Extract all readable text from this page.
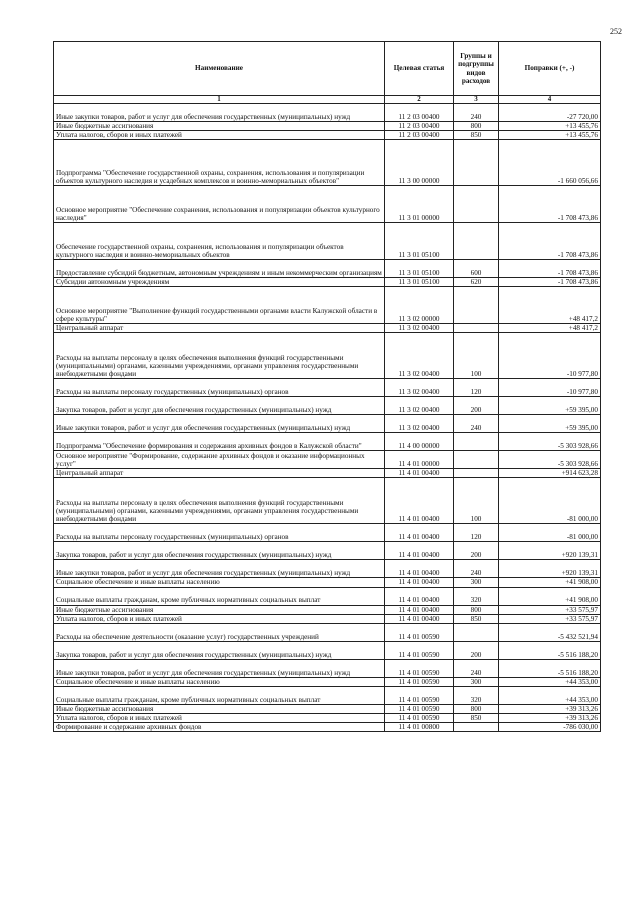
252
Наименование	Целевая статья	Группы и подгруппы видов расходов	Поправки (+, -)
1	2	3	4
Иные закупки товаров, работ и услуг для обеспечения государственных (муниципальных) нужд	11 2 03 00400	240	-27 720,00
Иные бюджетные ассигнования	11 2 03 00400	800	+13 455,76
Уплата налогов, сборов и иных платежей	11 2 03 00400	850	+13 455,76
Подпрограмма "Обеспечение государственной охраны, сохранения, использования и популяризации объектов культурного наследия и усадебных комплексов и воинно-мемориальных объектов"	11 3 00 00000		-1 660 056,66
Основное мероприятие "Обеспечение сохранения, использования и популяризации объектов культурного наследия"	11 3 01 00000		-1 708 473,86
Обеспечение государственной охраны, сохранения, использования и популяризации объектов культурного наследия и воинно-мемориальных объектов	11 3 01 05100		-1 708 473,86
Предоставление субсидий бюджетным, автономным учреждениям и иным некоммерческим организациям	11 3 01 05100	600	-1 708 473,86
Субсидии автономным учреждениям	11 3 01 05100	620	-1 708 473,86
Основное мероприятие "Выполнение функций государственными органами власти Калужской области в сфере культуры"	11 3 02 00000		+48 417,2
Центральный аппарат	11 3 02 00400		+48 417,2
Расходы на выплаты персоналу в целях обеспечения выполнения функций государственными (муниципальными) органами, казенными учреждениями, органами управления государственными внебюджетными фондами	11 3 02 00400	100	-10 977,80
Расходы на выплаты персоналу государственных (муниципальных) органов	11 3 02 00400	120	-10 977,80
Закупка товаров, работ и услуг для обеспечения государственных (муниципальных) нужд	11 3 02 00400	200	+59 395,00
Иные закупки товаров, работ и услуг для обеспечения государственных (муниципальных) нужд	11 3 02 00400	240	+59 395,00
Подпрограмма "Обеспечение формирования и содержания архивных фондов в Калужской области"	11 4 00 00000		-5 303 928,66
Основное мероприятие "Формирование, содержание архивных фондов и оказание информационных услуг"	11 4 01 00000		-5 303 928,66
Центральный аппарат	11 4 01 00400		+914 623,28
Расходы на выплаты персоналу в целях обеспечения выполнения функций государственными (муниципальными) органами, казенными учреждениями, органами управления государственными внебюджетными фондами	11 4 01 00400	100	-81 000,00
Расходы на выплаты персоналу государственных (муниципальных) органов	11 4 01 00400	120	-81 000,00
Закупка товаров, работ и услуг для обеспечения государственных (муниципальных) нужд	11 4 01 00400	200	+920 139,31
Иные закупки товаров, работ и услуг для обеспечения государственных (муниципальных) нужд	11 4 01 00400	240	+920 139,31
Социальное обеспечение и иные выплаты населению	11 4 01 00400	300	+41 908,00
Социальные выплаты гражданам, кроме публичных нормативных социальных выплат	11 4 01 00400	320	+41 908,00
Иные бюджетные ассигнования	11 4 01 00400	800	+33 575,97
Уплата налогов, сборов и иных платежей	11 4 01 00400	850	+33 575,97
Расходы на обеспечение деятельности (оказание услуг) государственных учреждений	11 4 01 00590		-5 432 521,94
Закупка товаров, работ и услуг для обеспечения государственных (муниципальных) нужд	11 4 01 00590	200	-5 516 188,20
Иные закупки товаров, работ и услуг для обеспечения государственных (муниципальных) нужд	11 4 01 00590	240	-5 516 188,20
Социальное обеспечение и иные выплаты населению	11 4 01 00590	300	+44 353,00
Социальные выплаты гражданам, кроме публичных нормативных социальных выплат	11 4 01 00590	320	+44 353,00
Иные бюджетные ассигнования	11 4 01 00590	800	+39 313,26
Уплата налогов, сборов и иных платежей	11 4 01 00590	850	+39 313,26
Формирование и содержание архивных фондов	11 4 01 00800		-786 030,00
